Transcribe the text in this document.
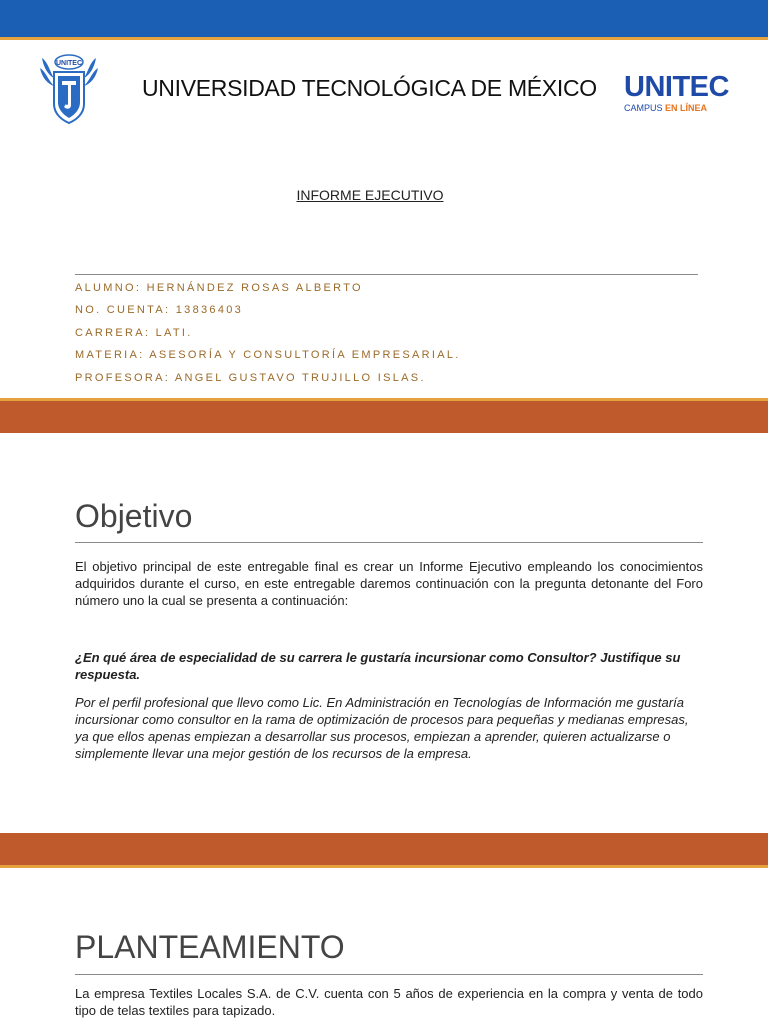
UNITEC
UNIVERSIDAD TECNOLÓGICA DE MÉXICO UNITEC
CAMPUS EN LÍNEA
INFORME EJECUTIVO
ALUMNO: HERNÁNDEZ ROSAS ALBERTO
NO. CUENTA: 13836403
CARRERA: LATI.
MATERIA: ASESORÍA Y CONSULTORÍA EMPRESARIAL.
PROFESORA: ANGEL GUSTAVO TRUJILLO ISLAS.
Objetivo
El objetivo principal de este entregable final es crear un Informe Ejecutivo empleando los conocimientos adquiridos durante el curso, en este entregable daremos continuación con la pregunta detonante del Foro número uno la cual se presenta a continuación:
¿En qué área de especialidad de su carrera le gustaría incursionar como Consultor? Justifique su respuesta.
Por el perfil profesional que llevo como Lic. En Administración en Tecnologías de Información me gustaría incursionar como consultor en la rama de optimización de procesos para pequeñas y medianas empresas, ya que ellos apenas empiezan a desarrollar sus procesos, empiezan a aprender, quieren actualizarse o simplemente llevar una mejor gestión de los recursos de la empresa.
PLANTEAMIENTO
La empresa Textiles Locales S.A. de C.V. cuenta con 5 años de experiencia en la compra y venta de todo tipo de telas textiles para tapizado.
